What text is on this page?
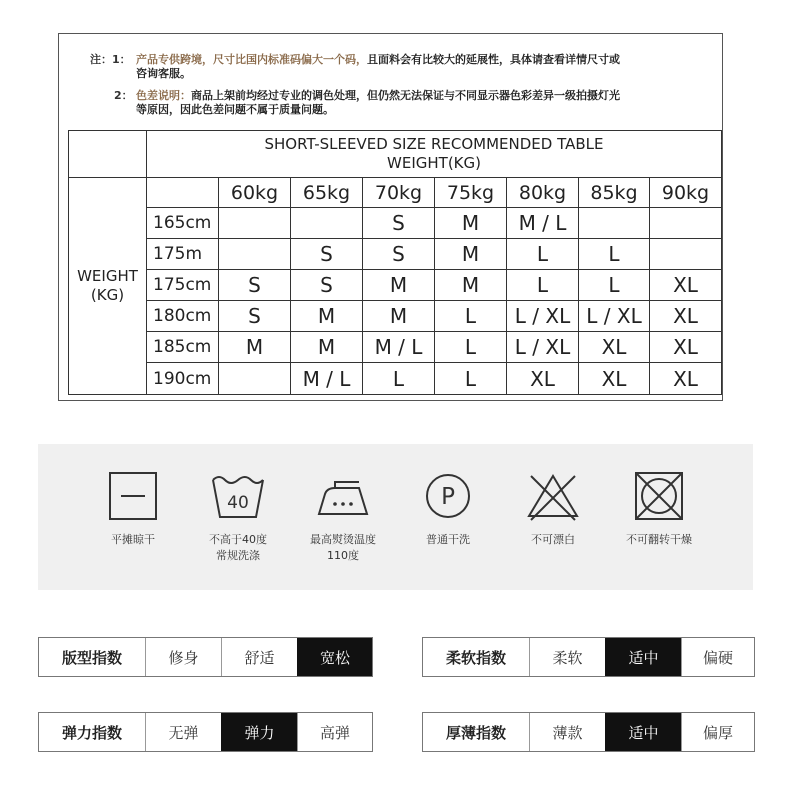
注：1： 产品专供跨境，尺寸比国内标准码偏大一个码，且面料会有比较大的延展性，具体请查看详情尺寸或
咨询客服。
2： 色差说明：商品上架前均经过专业的调色处理，但仍然无法保证与不同显示器色彩差异一级拍摄灯光
等原因，因此色差问题不属于质量问题。

	SHORT-SLEEVED SIZE RECOMMENDED TABLE
WEIGHT(KG)							

WEIGHT
(KG)		60kg	65kg	70kg	75kg	80kg	85kg	90kg
	165cm			S	M	M / L		
	175m		S	S	M	L	L	
	175cm	S	S	M	M	L	L	XL
	180cm	S	M	M	L	L / XL	L / XL	XL
	185cm	M	M	M / L	L	L / XL	XL	XL
	190cm		M / L	L	L	XL	XL	XL
平摊晾干
40
不高于40度
常规洗涤
最高熨烫温度
110度
P
普通干洗	不可漂白	不可翻转干燥
版型指数	修身	舒适	宽松	柔软指数	柔软	适中	偏硬
弹力指数	无弹	弹力	高弹	厚薄指数	薄款	适中	偏厚
